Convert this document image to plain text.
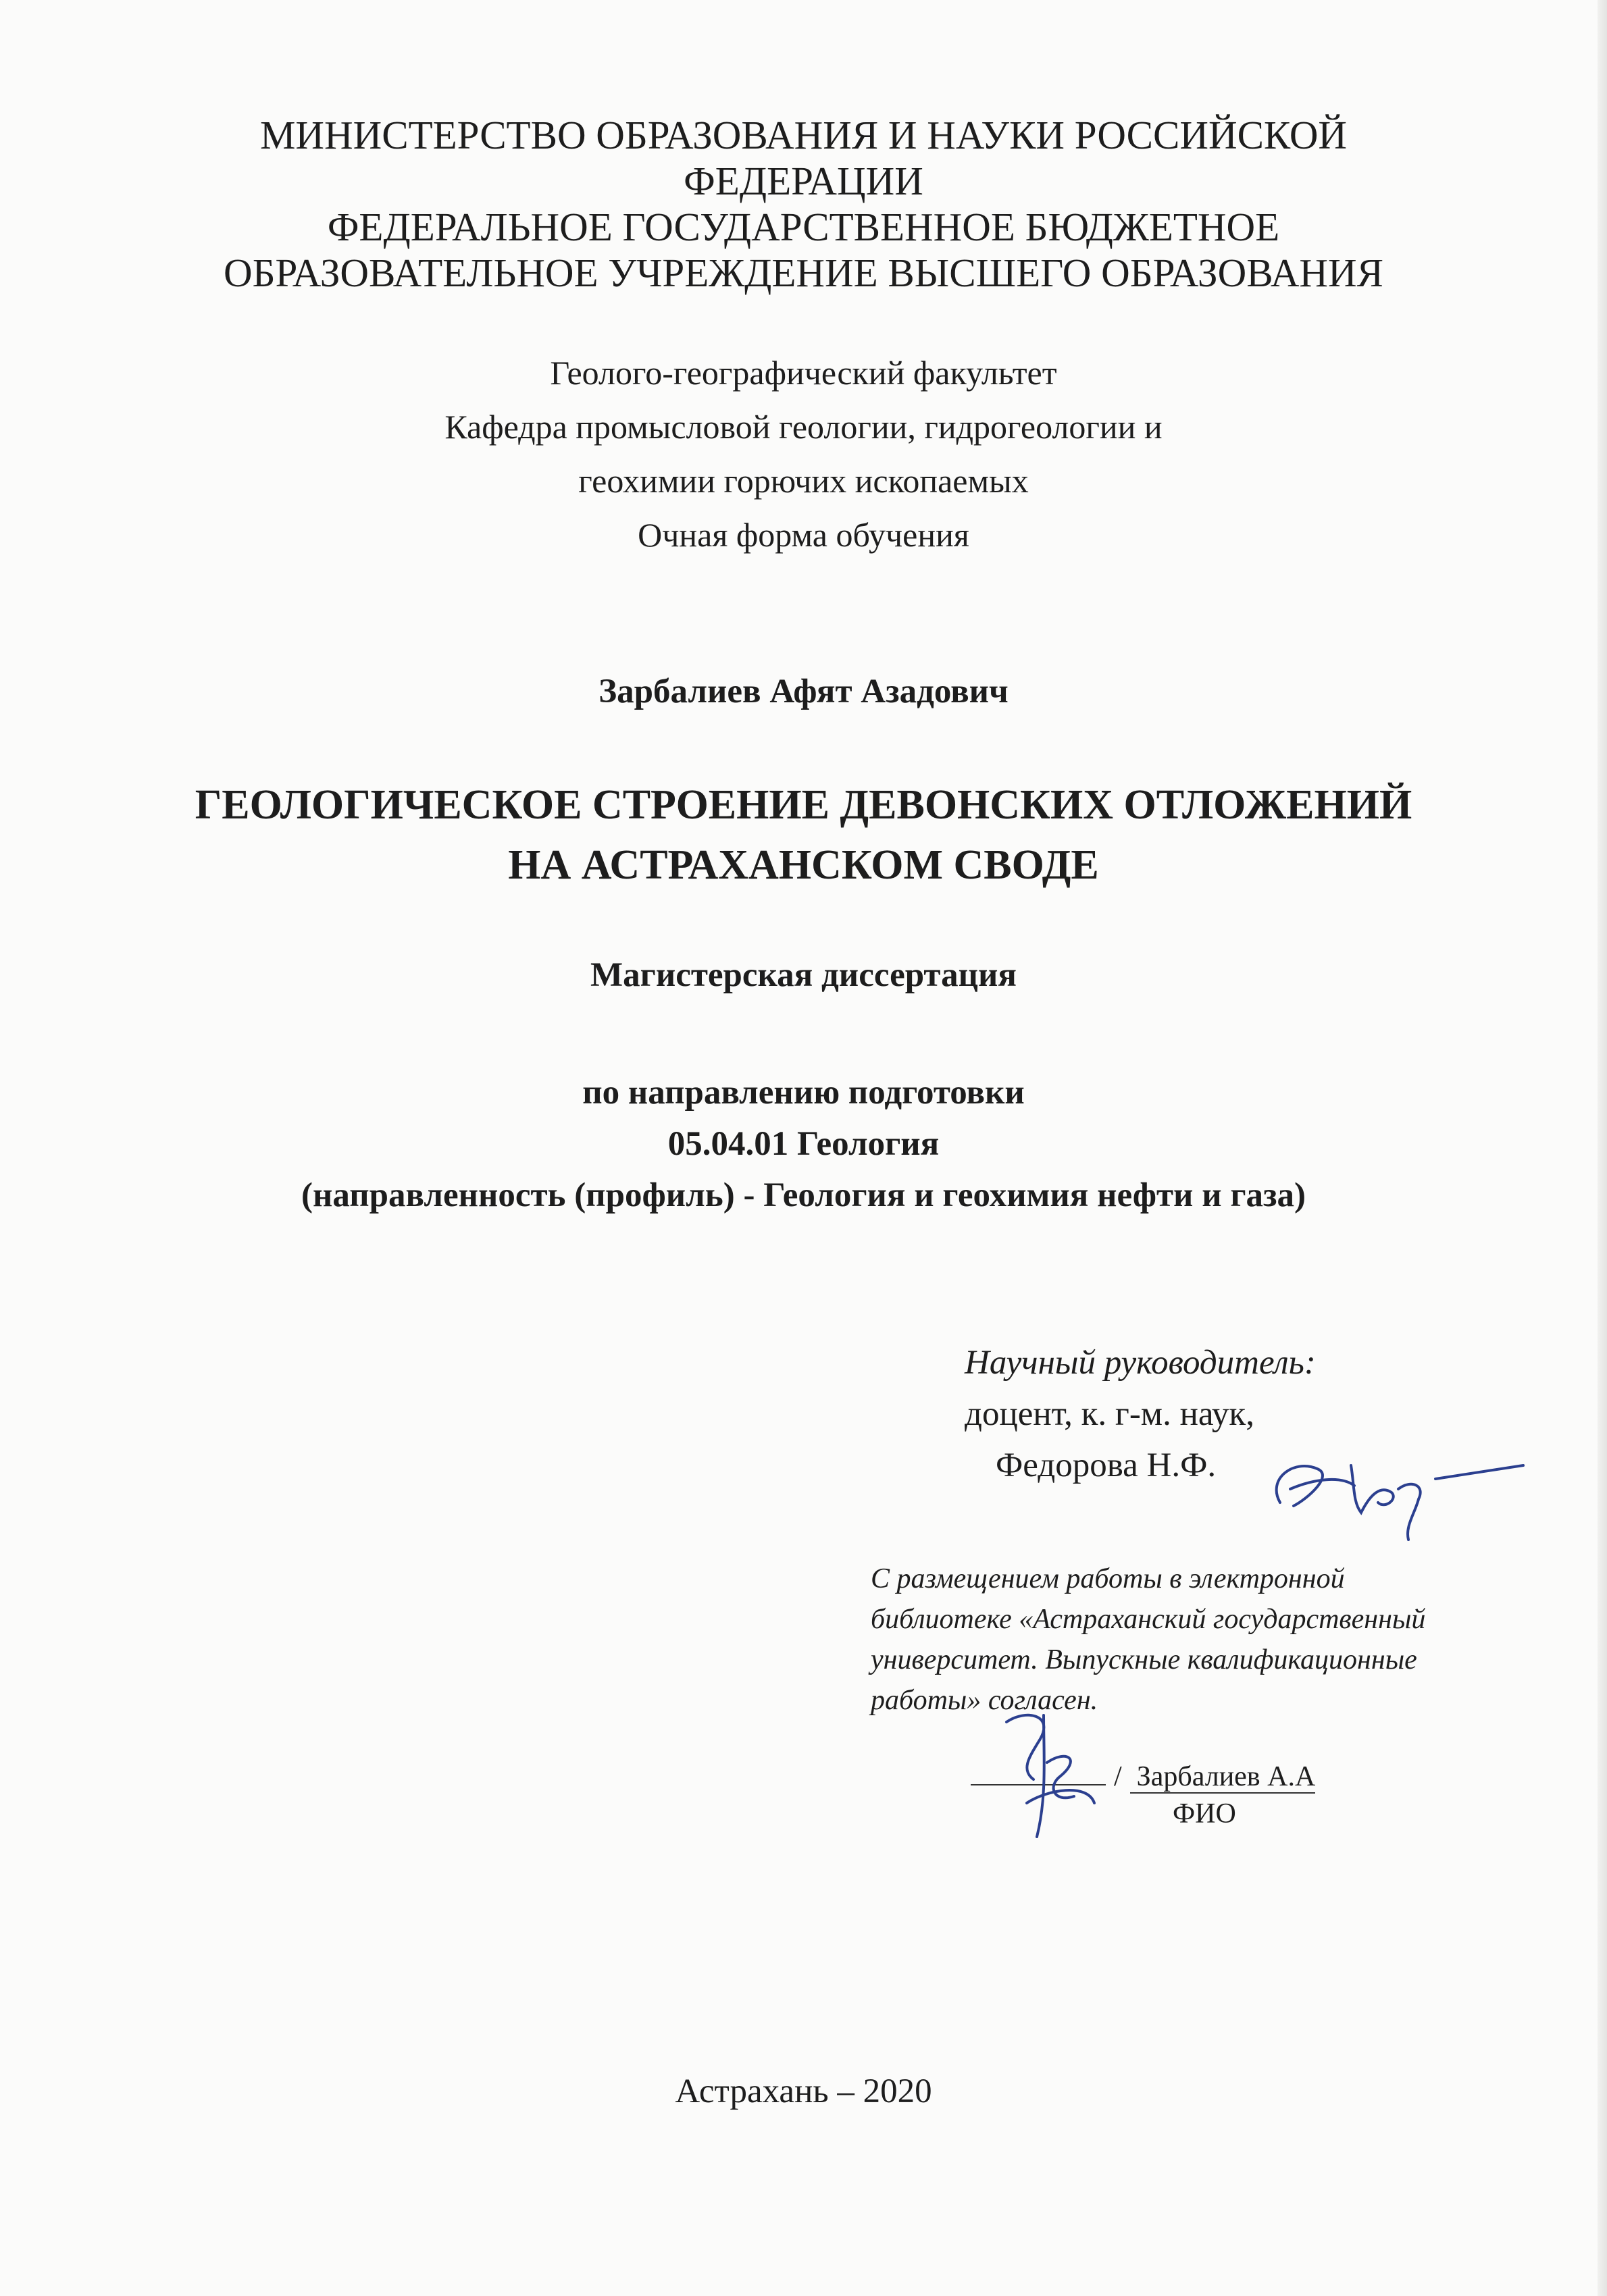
МИНИСТЕРСТВО ОБРАЗОВАНИЯ И НАУКИ РОССИЙСКОЙ
ФЕДЕРАЦИИ
ФЕДЕРАЛЬНОЕ ГОСУДАРСТВЕННОЕ БЮДЖЕТНОЕ
ОБРАЗОВАТЕЛЬНОЕ УЧРЕЖДЕНИЕ ВЫСШЕГО ОБРАЗОВАНИЯ
Геолого-географический факультет
Кафедра промысловой геологии, гидрогеологии и
геохимии горючих ископаемых
Очная форма обучения
Зарбалиев Афят Азадович
ГЕОЛОГИЧЕСКОЕ СТРОЕНИЕ ДЕВОНСКИХ ОТЛОЖЕНИЙ
НА АСТРАХАНСКОМ СВОДЕ
Магистерская диссертация
по направлению подготовки
05.04.01 Геология
(направленность (профиль) - Геология и геохимия нефти и газа)
Научный руководитель:
доцент, к. г-м. наук,
Федорова Н.Ф.
С размещением работы в электронной
библиотеке «Астраханский государственный
университет. Выпускные квалификационные
работы» согласен.
/ Зарбалиев А.А
ФИО
Астрахань – 2020
